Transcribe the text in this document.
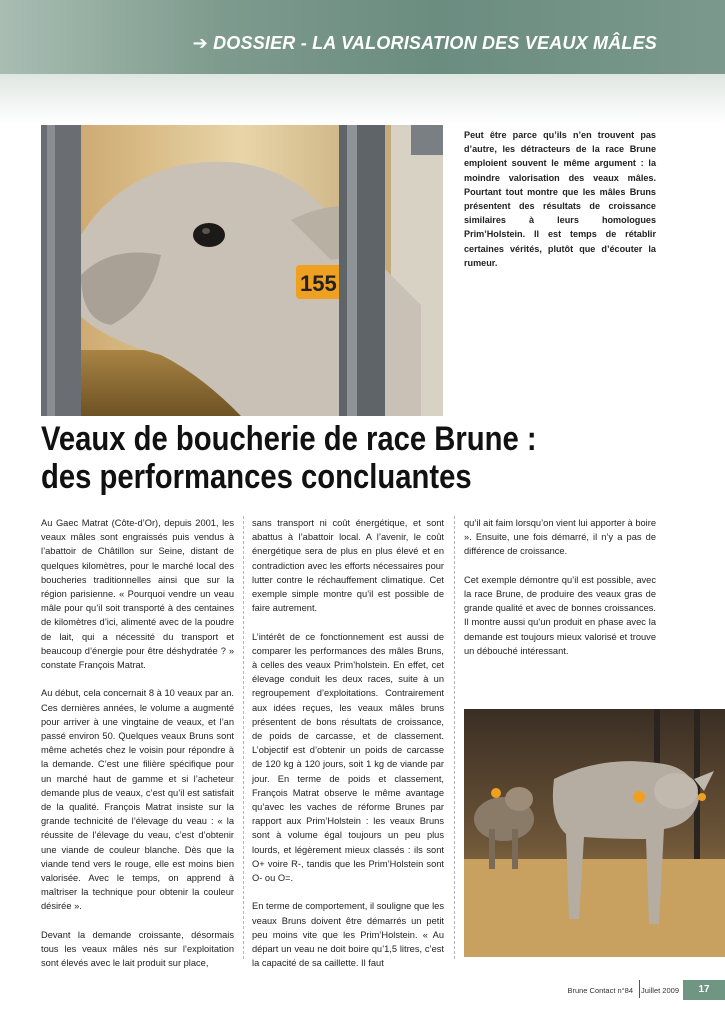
➔ DOSSIER - LA VALORISATION DES VEAUX MÂLES
155

Peut être parce qu’ils n’en trouvent pas d’autre, les détracteurs de la race Brune emploient souvent le même argument : la moindre valorisation des veaux mâles. Pourtant tout montre que les mâles Bruns présentent des résultats de croissance similaires à leurs homologues Prim’Holstein. Il est temps de rétablir certaines vérités, plutôt que d’écouter la rumeur.

Veaux de boucherie de race Brune :
des performances concluantes

Au Gaec Matrat (Côte-d’Or), depuis 2001, les veaux mâles sont engraissés puis vendus à l’abattoir de Châtillon sur Seine, distant de quelques kilomètres, pour le marché local des boucheries traditionnelles ainsi que sur la région parisienne. « Pourquoi vendre un veau mâle pour qu’il soit transporté à des centaines de kilomètres d’ici, alimenté avec de la poudre de lait, qui a nécessité du transport et beaucoup d’énergie pour être déshydratée ? » constate François Matrat.

Au début, cela concernait 8 à 10 veaux par an. Ces dernières années, le volume a augmenté pour arriver à une vingtaine de veaux, et l’an passé environ 50. Quelques veaux Bruns sont même achetés chez le voisin pour répondre à la demande. C’est une filière spécifique pour un marché haut de gamme et si l’acheteur demande plus de veaux, c’est qu’il est satisfait de la qualité. François Matrat insiste sur la grande technicité de l’élevage du veau : « la réussite de l’élevage du veau, c’est d’obtenir une viande de couleur blanche. Dès que la viande tend vers le rouge, elle est moins bien valorisée. Avec le temps, on apprend à maîtriser la technique pour obtenir la couleur désirée ».

Devant la demande croissante, désormais tous les veaux mâles nés sur l’exploitation sont élevés avec le lait produit sur place,

sans transport ni coût énergétique, et sont abattus à l’abattoir local. A l’avenir, le coût énergétique sera de plus en plus élevé et en contradiction avec les efforts nécessaires pour lutter contre le réchauffement climatique. Cet exemple simple montre qu’il est possible de faire autrement.

L’intérêt de ce fonctionnement est aussi de comparer les performances des mâles Bruns, à celles des veaux Prim’holstein. En effet, cet élevage conduit les deux races, suite à un regroupement d’exploitations. Contrairement aux idées reçues, les veaux mâles bruns présentent de bons résultats de croissance, de poids de carcasse, et de classement. L’objectif est d’obtenir un poids de carcasse de 120 kg à 120 jours, soit 1 kg de viande par jour. En terme de poids et classement, François Matrat observe le même avantage qu’avec les vaches de réforme Brunes par rapport aux Prim’Holstein : les veaux Bruns sont à volume égal toujours un peu plus lourds, et légèrement mieux classés : ils sont O+ voire R-, tandis que les Prim’Holstein sont O- ou O=.

En terme de comportement, il souligne que les veaux Bruns doivent être démarrés un petit peu moins vite que les Prim’Holstein. « Au départ un veau ne doit boire qu’1,5 litres, c’est la capacité de sa caillette. Il faut

qu’il ait faim lorsqu’on vient lui apporter à boire ». Ensuite, une fois démarré, il n’y a pas de différence de croissance.

Cet exemple démontre qu’il est possible, avec la race Brune, de produire des veaux gras de grande qualité et avec de bonnes croissances. Il montre aussi qu’un produit en phase avec la demande est toujours mieux valorisé et trouve un débouché intéressant.

Brune Contact n°84 Juillet 2009	17
